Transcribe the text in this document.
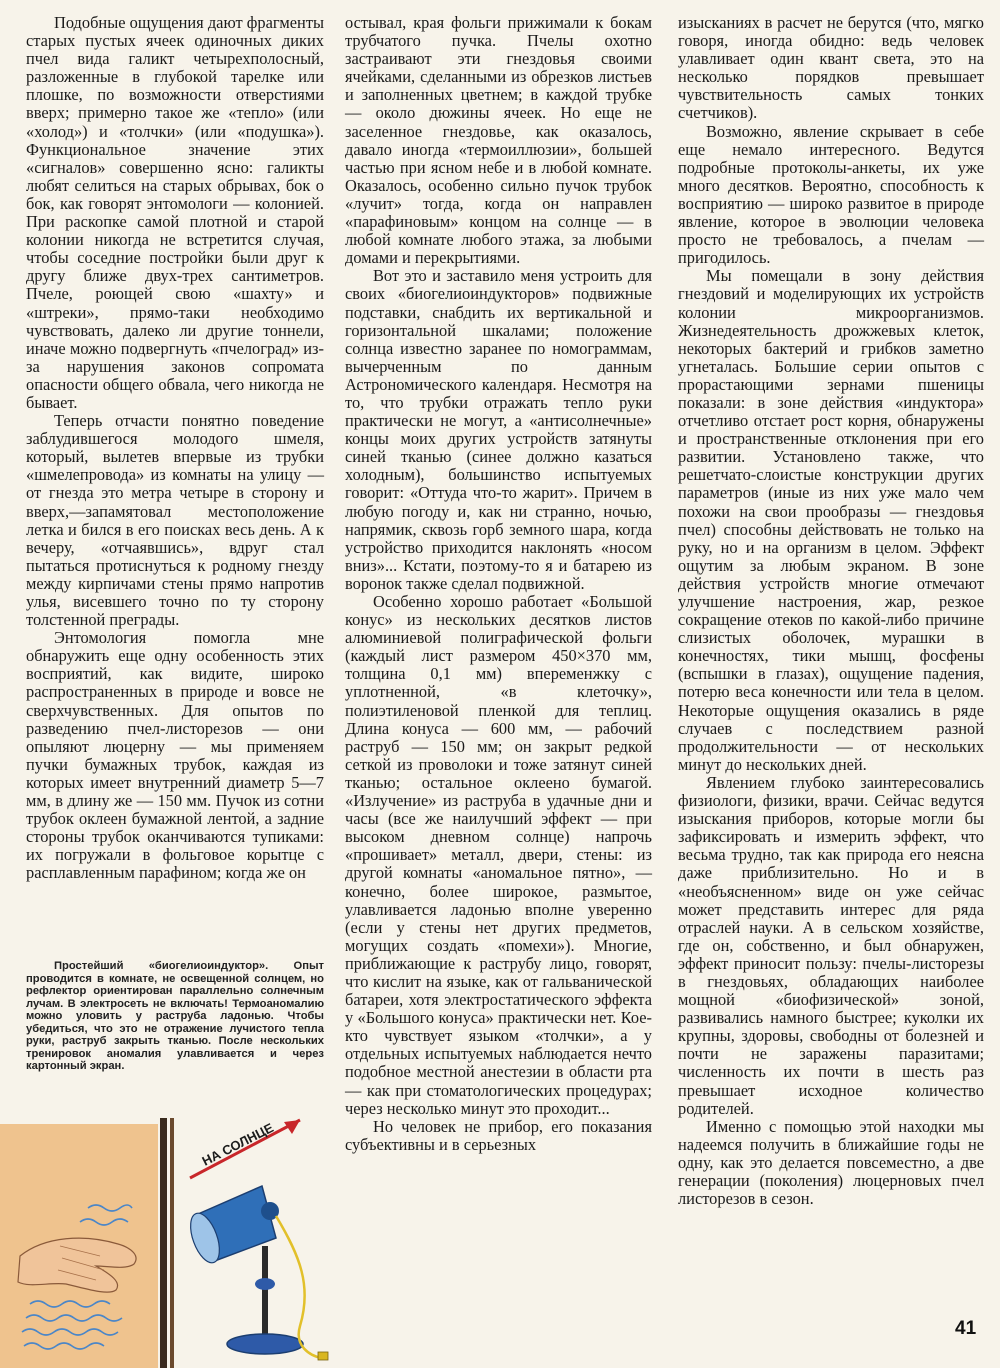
Подобные ощущения дают фрагменты старых пустых ячеек одиночных диких пчел вида галикт четырехполосный, разложенные в глубокой тарелке или плошке, по возможности отверстиями вверх; примерно такое же «тепло» (или «холод») и «толчки» (или «подушка»). Функциональное значение этих «сигналов» совершенно ясно: галикты любят селиться на старых обрывах, бок о бок, как говорят энтомологи — колонией. При раскопке самой плотной и старой колонии никогда не встретится случая, чтобы соседние постройки были друг к другу ближе двух-трех сантиметров. Пчеле, роющей свою «шахту» и «штреки», прямо-таки необходимо чувствовать, далеко ли другие тоннели, иначе можно подвергнуть «пчелоград» из-за нарушения законов сопромата опасности общего обвала, чего никогда не бывает.

Теперь отчасти понятно поведение заблудившегося молодого шмеля, который, вылетев впервые из трубки «шмелепровода» из комнаты на улицу — от гнезда это метра четыре в сторону и вверх,—запамятовал местоположение летка и бился в его поисках весь день. А к вечеру, «отчаявшись», вдруг стал пытаться протиснуться к родному гнезду между кирпичами стены прямо напротив улья, висевшего точно по ту сторону толстенной преграды.

Энтомология помогла мне обнаружить еще одну особенность этих восприятий, как видите, широко распространенных в природе и вовсе не сверхчувственных. Для опытов по разведению пчел-листорезов — они опыляют люцерну — мы применяем пучки бумажных трубок, каждая из которых имеет внутренний диаметр 5—7 мм, в длину же — 150 мм. Пучок из сотни трубок оклеен бумажной лентой, а задние стороны трубок оканчиваются тупиками: их погружали в фольговое корытце с расплавленным парафином; когда же он

Простейший «биогелиоиндуктор». Опыт проводится в комнате, не освещенной солнцем, но рефлектор ориентирован параллельно солнечным лучам. В электросеть не включать! Термоаномалию можно уловить у раструба ладонью. Чтобы убедиться, что это не отражение лучистого тепла руки, раструб закрыть тканью. После нескольких тренировок аномалия улавливается и через картонный экран.

НА СОЛНЦЕ

остывал, края фольги прижимали к бокам трубчатого пучка. Пчелы охотно застраивают эти гнездовья своими ячейками, сделанными из обрезков листьев и заполненных цветнем; в каждой трубке — около дюжины ячеек. Но еще не заселенное гнездовье, как оказалось, давало иногда «термоиллюзии», большей частью при ясном небе и в любой комнате. Оказалось, особенно сильно пучок трубок «лучит» тогда, когда он направлен «парафиновым» концом на солнце — в любой комнате любого этажа, за любыми домами и перекрытиями.

Вот это и заставило меня устроить для своих «биогелиоиндукторов» подвижные подставки, снабдить их вертикальной и горизонтальной шкалами; положение солнца известно заранее по номограммам, вычерченным по данным Астрономического календаря. Несмотря на то, что трубки отражать тепло руки практически не могут, а «антисолнечные» концы моих других устройств затянуты синей тканью (синее должно казаться холодным), большинство испытуемых говорит: «Оттуда что-то жарит». Причем в любую погоду и, как ни странно, ночью, напрямик, сквозь горб земного шара, когда устройство приходится наклонять «носом вниз»... Кстати, поэтому-то я и батарею из воронок также сделал подвижной.

Особенно хорошо работает «Большой конус» из нескольких десятков листов алюминиевой полиграфической фольги (каждый лист размером 450×370 мм, толщина 0,1 мм) впеременжку с уплотненной, «в клеточку», полиэтиленовой пленкой для теплиц. Длина конуса — 600 мм, — рабочий раструб — 150 мм; он закрыт редкой сеткой из проволоки и тоже затянут синей тканью; остальное оклеено бумагой. «Излучение» из раструба в удачные дни и часы (все же наилучший эффект — при высоком дневном солнце) напрочь «прошивает» металл, двери, стены: из другой комнаты «аномальное пятно», — конечно, более широкое, размытое, улавливается ладонью вполне уверенно (если у стены нет других предметов, могущих создать «помехи»). Многие, приближающие к раструбу лицо, говорят, что кислит на языке, как от гальванической батареи, хотя электростатического эффекта у «Большого конуса» практически нет. Кое-кто чувствует языком «толчки», а у отдельных испытуемых наблюдается нечто подобное местной анестезии в области рта — как при стоматологических процедурах; через несколько минут это проходит...

Но человек не прибор, его показания субъективны и в серьезных

изысканиях в расчет не берутся (что, мягко говоря, иногда обидно: ведь человек улавливает один квант света, это на несколько порядков превышает чувствительность самых тонких счетчиков).

Возможно, явление скрывает в себе еще немало интересного. Ведутся подробные протоколы-анкеты, их уже много десятков. Вероятно, способность к восприятию — широко развитое в природе явление, которое в эволюции человека просто не требовалось, а пчелам — пригодилось.

Мы помещали в зону действия гнездовий и моделирующих их устройств колонии микроорганизмов. Жизнедеятельность дрожжевых клеток, некоторых бактерий и грибков заметно угнеталась. Большие серии опытов с прорастающими зернами пшеницы показали: в зоне действия «индуктора» отчетливо отстает рост корня, обнаружены и пространственные отклонения при его развитии. Установлено также, что решетчато-слоистые конструкции других параметров (иные из них уже мало чем похожи на свои прообразы — гнездовья пчел) способны действовать не только на руку, но и на организм в целом. Эффект ощутим за любым экраном. В зоне действия устройств многие отмечают улучшение настроения, жар, резкое сокращение отеков по какой-либо причине слизистых оболочек, мурашки в конечностях, тики мышц, фосфены (вспышки в глазах), ощущение падения, потерю веса конечности или тела в целом. Некоторые ощущения оказались в ряде случаев с последствием разной продолжительности — от нескольких минут до нескольких дней.

Явлением глубоко заинтересовались физиологи, физики, врачи. Сейчас ведутся изыскания приборов, которые могли бы зафиксировать и измерить эффект, что весьма трудно, так как природа его неясна даже приблизительно. Но и в «необъясненном» виде он уже сейчас может представить интерес для ряда отраслей науки. А в сельском хозяйстве, где он, собственно, и был обнаружен, эффект приносит пользу: пчелы-листорезы в гнездовьях, обладающих наиболее мощной «биофизической» зоной, развивались намного быстрее; куколки их крупны, здоровы, свободны от болезней и почти не заражены паразитами; численность их почти в шесть раз превышает исходное количество родителей.

Именно с помощью этой находки мы надеемся получить в ближайшие годы не одну, как это делается повсеместно, а две генерации (поколения) люцерновых пчел листорезов в сезон.

41
